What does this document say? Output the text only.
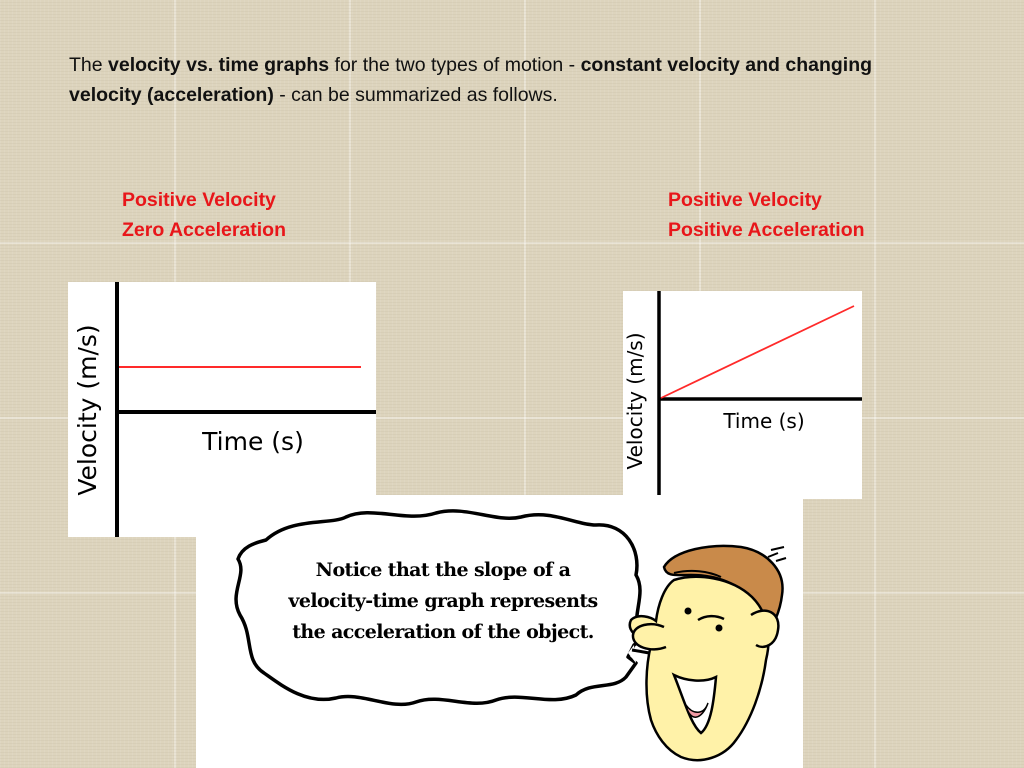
The velocity vs. time graphs for the two types of motion - constant velocity and changing velocity (acceleration) - can be summarized as follows.
Positive Velocity
Zero Acceleration
Positive Velocity
Positive Acceleration
Time (s)
Velocity (m/s)	Time (s)
Velocity (m/s)
Notice that the slope of a
velocity-time graph represents
the acceleration of the object.
